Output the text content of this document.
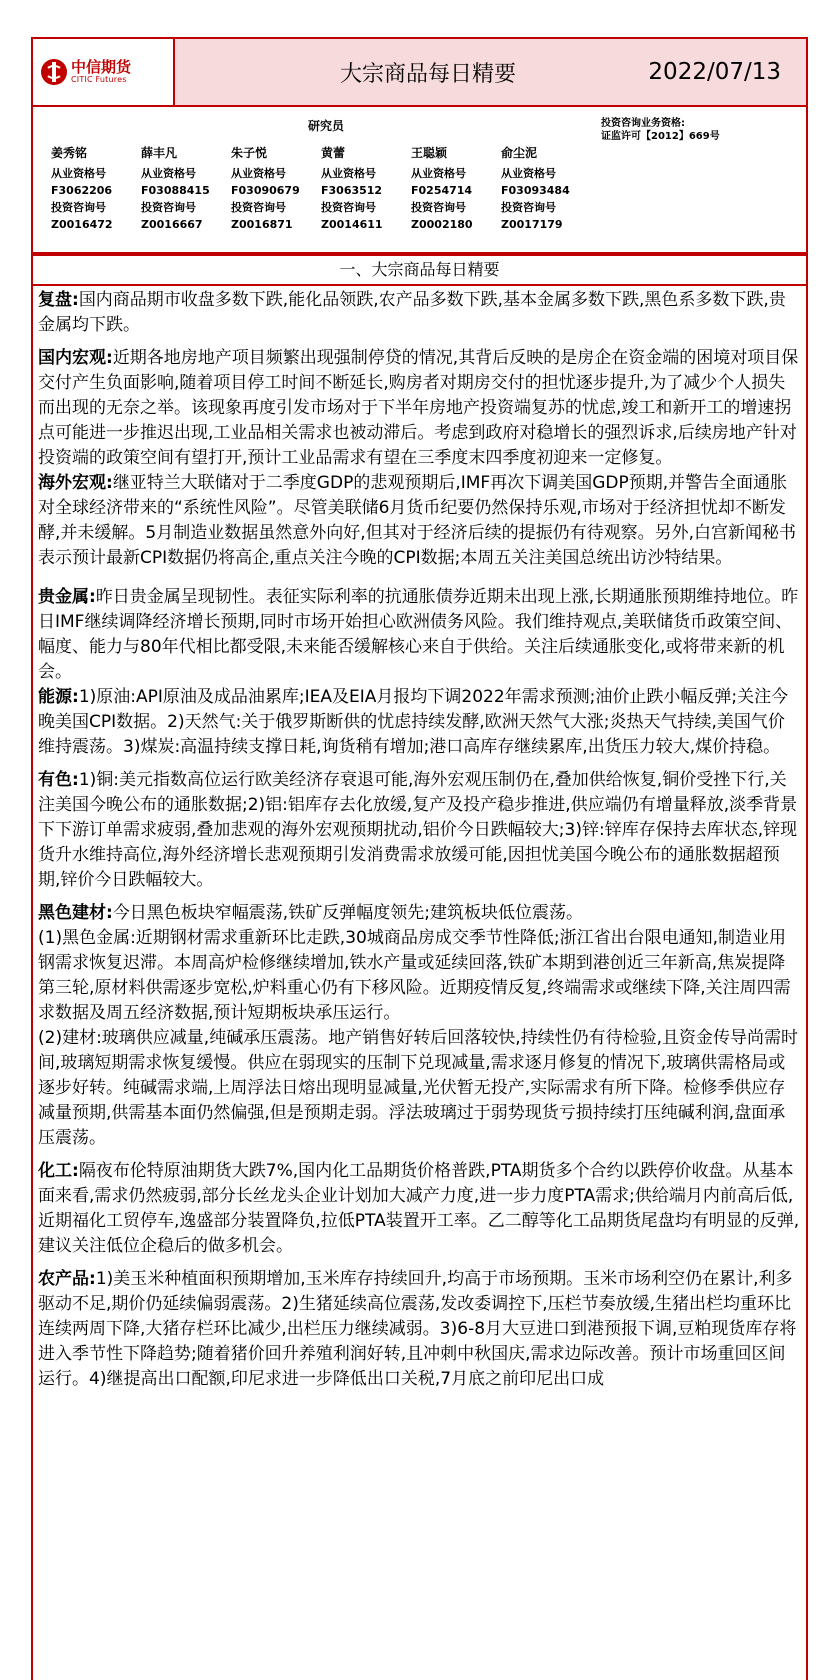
中信期货
CITIC Futures	大宗商品每日精要	2022/07/13
研究员	投资咨询业务资格:
证监许可【2012】669号
姜秀铭
从业资格号
F3062206
投资咨询号
Z0016472
薛丰凡
从业资格号
F03088415
投资咨询号
Z0016667
朱子悦
从业资格号
F03090679
投资咨询号
Z0016871
黄蕾
从业资格号
F3063512
投资咨询号
Z0014611
王聪颖
从业资格号
F0254714
投资咨询号
Z0002180
俞尘泥
从业资格号
F03093484
投资咨询号
Z0017179
一、大宗商品每日精要

复盘:国内商品期市收盘多数下跌,能化品领跌,农产品多数下跌,基本金属多数下跌,黑色系多数下跌,贵金属均下跌。

国内宏观:近期各地房地产项目频繁出现强制停贷的情况,其背后反映的是房企在资金端的困境对项目保交付产生负面影响,随着项目停工时间不断延长,购房者对期房交付的担忧逐步提升,为了减少个人损失而出现的无奈之举。该现象再度引发市场对于下半年房地产投资端复苏的忧虑,竣工和新开工的增速拐点可能进一步推迟出现,工业品相关需求也被动滞后。考虑到政府对稳增长的强烈诉求,后续房地产针对投资端的政策空间有望打开,预计工业品需求有望在三季度末四季度初迎来一定修复。

海外宏观:继亚特兰大联储对于二季度GDP的悲观预期后,IMF再次下调美国GDP预期,并警告全面通胀对全球经济带来的“系统性风险”。尽管美联储6月货币纪要仍然保持乐观,市场对于经济担忧却不断发酵,并未缓解。5月制造业数据虽然意外向好,但其对于经济后续的提振仍有待观察。另外,白宫新闻秘书表示预计最新CPI数据仍将高企,重点关注今晚的CPI数据;本周五关注美国总统出访沙特结果。

贵金属:昨日贵金属呈现韧性。表征实际利率的抗通胀债券近期未出现上涨,长期通胀预期维持地位。昨日IMF继续调降经济增长预期,同时市场开始担心欧洲债务风险。我们维持观点,美联储货币政策空间、幅度、能力与80年代相比都受限,未来能否缓解核心来自于供给。关注后续通胀变化,或将带来新的机会。

能源:1)原油:API原油及成品油累库;IEA及EIA月报均下调2022年需求预测;油价止跌小幅反弹;关注今晚美国CPI数据。2)天然气:关于俄罗斯断供的忧虑持续发酵,欧洲天然气大涨;炎热天气持续,美国气价维持震荡。3)煤炭:高温持续支撑日耗,询货稍有增加;港口高库存继续累库,出货压力较大,煤价持稳。

有色:1)铜:美元指数高位运行欧美经济存衰退可能,海外宏观压制仍在,叠加供给恢复,铜价受挫下行,关注美国今晚公布的通胀数据;2)铝:铝库存去化放缓,复产及投产稳步推进,供应端仍有增量释放,淡季背景下下游订单需求疲弱,叠加悲观的海外宏观预期扰动,铝价今日跌幅较大;3)锌:锌库存保持去库状态,锌现货升水维持高位,海外经济增长悲观预期引发消费需求放缓可能,因担忧美国今晚公布的通胀数据超预期,锌价今日跌幅较大。

黑色建材:今日黑色板块窄幅震荡,铁矿反弹幅度领先;建筑板块低位震荡。

(1)黑色金属:近期钢材需求重新环比走跌,30城商品房成交季节性降低;浙江省出台限电通知,制造业用钢需求恢复迟滞。本周高炉检修继续增加,铁水产量或延续回落,铁矿本期到港创近三年新高,焦炭提降第三轮,原材料供需逐步宽松,炉料重心仍有下移风险。近期疫情反复,终端需求或继续下降,关注周四需求数据及周五经济数据,预计短期板块承压运行。

(2)建材:玻璃供应减量,纯碱承压震荡。地产销售好转后回落较快,持续性仍有待检验,且资金传导尚需时间,玻璃短期需求恢复缓慢。供应在弱现实的压制下兑现减量,需求逐月修复的情况下,玻璃供需格局或逐步好转。纯碱需求端,上周浮法日熔出现明显减量,光伏暂无投产,实际需求有所下降。检修季供应存减量预期,供需基本面仍然偏强,但是预期走弱。浮法玻璃过于弱势现货亏损持续打压纯碱利润,盘面承压震荡。

化工:隔夜布伦特原油期货大跌7%,国内化工品期货价格普跌,PTA期货多个合约以跌停价收盘。从基本面来看,需求仍然疲弱,部分长丝龙头企业计划加大减产力度,进一步力度PTA需求;供给端月内前高后低,近期福化工贸停车,逸盛部分装置降负,拉低PTA装置开工率。乙二醇等化工品期货尾盘均有明显的反弹,建议关注低位企稳后的做多机会。

农产品:1)美玉米种植面积预期增加,玉米库存持续回升,均高于市场预期。玉米市场利空仍在累计,利多驱动不足,期价仍延续偏弱震荡。2)生猪延续高位震荡,发改委调控下,压栏节奏放缓,生猪出栏均重环比连续两周下降,大猪存栏环比减少,出栏压力继续减弱。3)6-8月大豆进口到港预报下调,豆粕现货库存将进入季节性下降趋势;随着猪价回升养殖利润好转,且冲刺中秋国庆,需求边际改善。预计市场重回区间运行。4)继提高出口配额,印尼求进一步降低出口关税,7月底之前印尼出口成
